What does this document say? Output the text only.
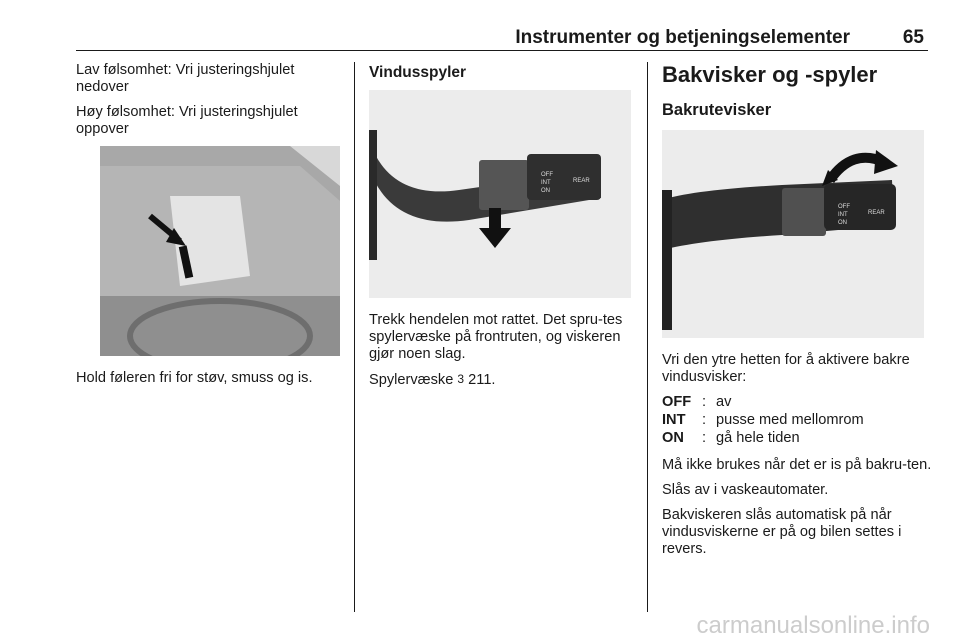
Instrumenter og betjeningselementer	65

Lav følsomhet: Vri justeringshjulet nedover

Høy følsomhet: Vri justeringshjulet oppover

Hold føleren fri for støv, smuss og is.

Vindusspyler
OFF
INT
ON
REAR

Trekk hendelen mot rattet. Det spru-tes spylervæske på frontruten, og viskeren gjør noen slag.

Spylervæske 3 211.

Bakvisker og -spyler
Bakrutevisker
OFF
INT
ON
REAR

Vri den ytre hetten for å aktivere bakre vindusvisker:

OFF : av
INT	: pusse med mellomrom
ON	: gå hele tiden

Må ikke brukes når det er is på bakru-ten.

Slås av i vaskeautomater.

Bakviskeren slås automatisk på når vindusviskerne er på og bilen settes i revers.

carmanualsonline.info
